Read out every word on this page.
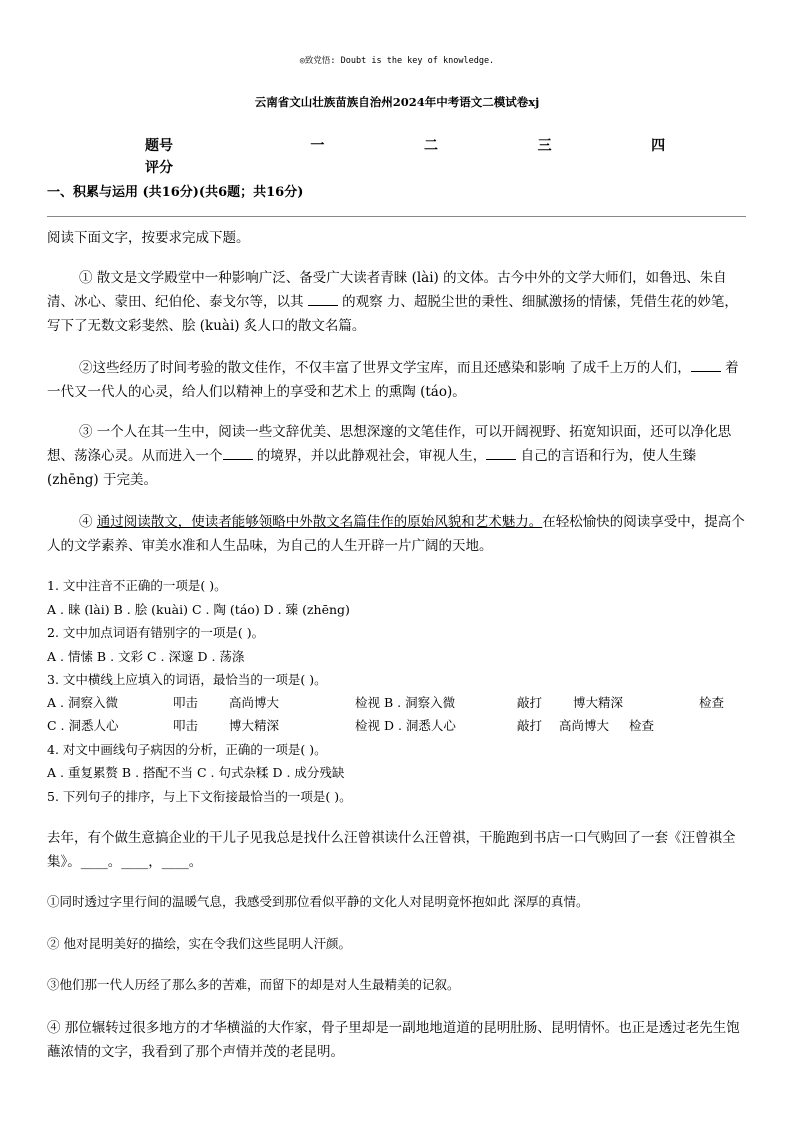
◎致党悟: Doubt is the key of knowledge.
云南省文山壮族苗族自治州2024年中考语文二模试卷xj
题号	一	二	三	四
评分
一、积累与运用 (共16分)(共6题；共16分)
阅读下面文字，按要求完成下题。
① 散文是文学殿堂中一种影响广泛、备受广大读者青睐 (lài) 的文体。古今中外的文学大师们，如鲁迅、朱自清、冰心、蒙田、纪伯伦、泰戈尔等，以其  的观察 力、超脱尘世的秉性、细腻激扬的情愫，凭借生花的妙笔，写下了无数文彩斐然、脍 (kuài) 炙人口的散文名篇。
②这些经历了时间考验的散文佳作，不仅丰富了世界文学宝库，而且还感染和影响 了成千上万的人们， 着一代又一代人的心灵，给人们以精神上的享受和艺术上 的熏陶 (táo)。
③ 一个人在其一生中，阅读一些文辞优美、思想深邃的文笔佳作，可以开阔视野、拓宽知识面，还可以净化思想、荡涤心灵。从而进入一个 的境界，并以此静观社会，审视人生， 自己的言语和行为，使人生臻(zhēng) 于完美。
④ 通过阅读散文，使读者能够领略中外散文名篇佳作的原始风貌和艺术魅力。在轻松愉快的阅读享受中，提高个人的文学素养、审美水准和人生品味，为自己的人生开辟一片广阔的天地。
1. 文中注音不正确的一项是( )。
A . 睐 (lài) B . 脍 (kuài) C . 陶 (táo) D . 臻 (zhēng)
2. 文中加点词语有错别字的一项是( )。
A . 情愫 B . 文彩 C . 深邃 D . 荡涤
3. 文中横线上应填入的词语，最恰当的一项是( )。
A . 洞察入微	叩击 高尚博大	检视 B . 洞察入微	敲打 博大精深	检查
C . 洞悉人心	叩击 博大精深	检视 D . 洞悉人心	敲打 高尚博大 检查
4. 对文中画线句子病因的分析，正确的一项是( )。
A . 重复累赘 B . 搭配不当 C . 句式杂糅 D . 成分残缺
5. 下列句子的排序，与上下文衔接最恰当的一项是( )。
去年，有个做生意搞企业的干儿子见我总是找什么汪曾祺读什么汪曾祺，干脆跑到书店一口气购回了一套《汪曾祺全集》。____。____，____。
①同时透过字里行间的温暖气息，我感受到那位看似平静的文化人对昆明竟怀抱如此 深厚的真情。
② 他对昆明美好的描绘，实在令我们这些昆明人汗颜。
③他们那一代人历经了那么多的苦难，而留下的却是对人生最精美的记叙。
④ 那位辗转过很多地方的才华横溢的大作家，骨子里却是一副地地道道的昆明肚肠、昆明情怀。也正是透过老先生饱蘸浓情的文字，我看到了那个声情并茂的老昆明。
